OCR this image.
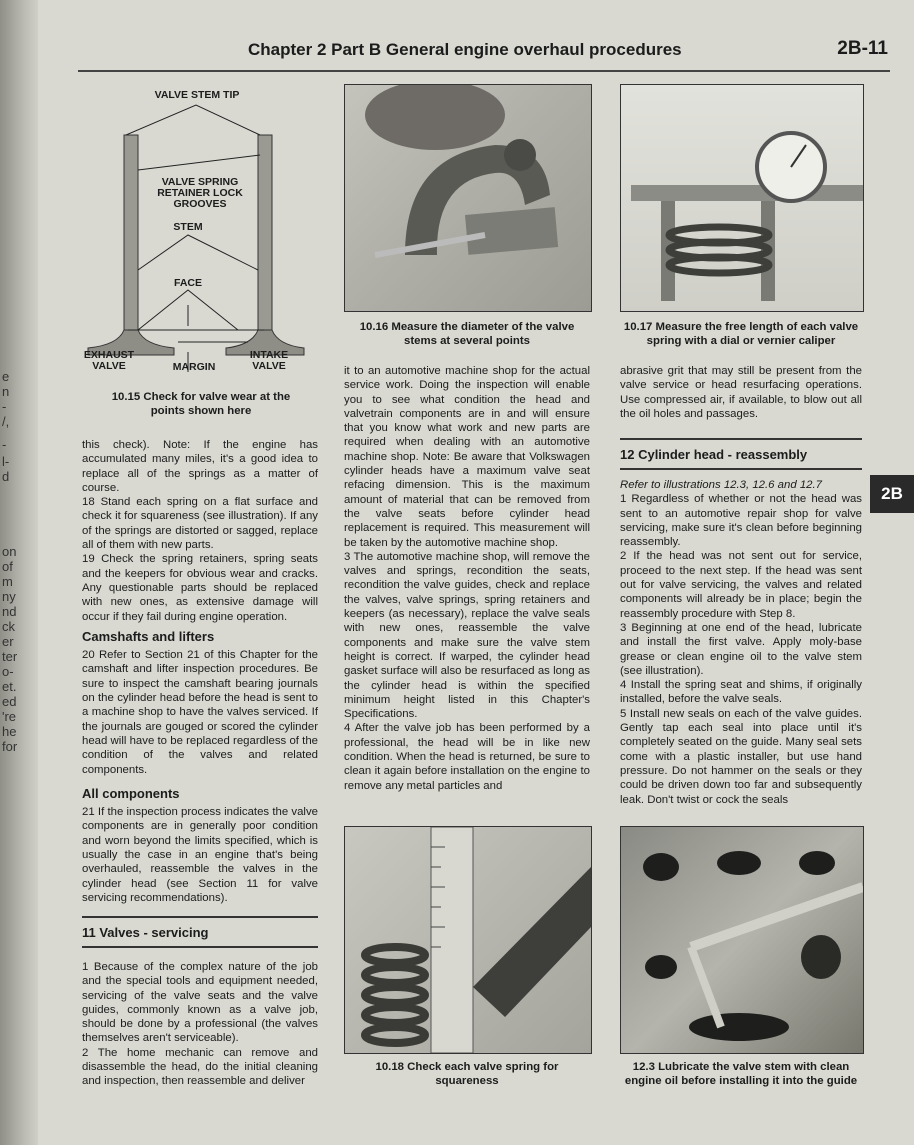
e
n
-
/,
-
l-
d
on
of
m
ny
nd
ck
er
ter
o-
et.
ed
're
he
for
Chapter 2 Part B General engine overhaul procedures	2B-11
2B
VALVE STEM TIP
VALVE SPRING RETAINER LOCK GROOVES
STEM
FACE
EXHAUST VALVE	MARGIN
INTAKE VALVE
10.15 Check for valve wear at the points shown here

this check). Note: If the engine has accumulated many miles, it's a good idea to replace all of the springs as a matter of course.

18 Stand each spring on a flat surface and check it for squareness (see illustration). If any of the springs are distorted or sagged, replace all of them with new parts.

19 Check the spring retainers, spring seats and the keepers for obvious wear and cracks. Any questionable parts should be replaced with new ones, as extensive damage will occur if they fail during engine operation.

Camshafts and lifters

20 Refer to Section 21 of this Chapter for the camshaft and lifter inspection procedures. Be sure to inspect the camshaft bearing journals on the cylinder head before the head is sent to a machine shop to have the valves serviced. If the journals are gouged or scored the cylinder head will have to be replaced regardless of the condition of the valves and related components.

All components

21 If the inspection process indicates the valve components are in generally poor condition and worn beyond the limits specified, which is usually the case in an engine that's being overhauled, reassemble the valves in the cylinder head (see Section 11 for valve servicing recommendations).

11 Valves - servicing

1 Because of the complex nature of the job and the special tools and equipment needed, servicing of the valve seats and the valve guides, commonly known as a valve job, should be done by a professional (the valves themselves aren't serviceable).

2 The home mechanic can remove and disassemble the head, do the initial cleaning and inspection, then reassemble and deliver

10.16 Measure the diameter of the valve stems at several points
10.17 Measure the free length of each valve spring with a dial or vernier caliper

it to an automotive machine shop for the actual service work. Doing the inspection will enable you to see what condition the head and valvetrain components are in and will ensure that you know what work and new parts are required when dealing with an automotive machine shop. Note: Be aware that Volkswagen cylinder heads have a maximum valve seat refacing dimension. This is the maximum amount of material that can be removed from the valve seats before cylinder head replacement is required. This measurement will be taken by the automotive machine shop.

3 The automotive machine shop, will remove the valves and springs, recondition the seats, recondition the valve guides, check and replace the valves, valve springs, spring retainers and keepers (as necessary), replace the valve seals with new ones, reassemble the valve components and make sure the valve stem height is correct. If warped, the cylinder head gasket surface will also be resurfaced as long as the cylinder head is within the specified minimum height listed in this Chapter's Specifications.

4 After the valve job has been performed by a professional, the head will be in like new condition. When the head is returned, be sure to clean it again before installation on the engine to remove any metal particles and

abrasive grit that may still be present from the valve service or head resurfacing operations. Use compressed air, if available, to blow out all the oil holes and passages.

12 Cylinder head - reassembly

Refer to illustrations 12.3, 12.6 and 12.7

1 Regardless of whether or not the head was sent to an automotive repair shop for valve servicing, make sure it's clean before beginning reassembly.

2 If the head was not sent out for service, proceed to the next step. If the head was sent out for valve servicing, the valves and related components will already be in place; begin the reassembly procedure with Step 8.

3 Beginning at one end of the head, lubricate and install the first valve. Apply moly-base grease or clean engine oil to the valve stem (see illustration).

4 Install the spring seat and shims, if originally installed, before the valve seals.

5 Install new seals on each of the valve guides. Gently tap each seal into place until it's completely seated on the guide. Many seal sets come with a plastic installer, but use hand pressure. Do not hammer on the seals or they could be driven down too far and subsequently leak. Don't twist or cock the seals

10.18 Check each valve spring for squareness
12.3 Lubricate the valve stem with clean engine oil before installing it into the guide
